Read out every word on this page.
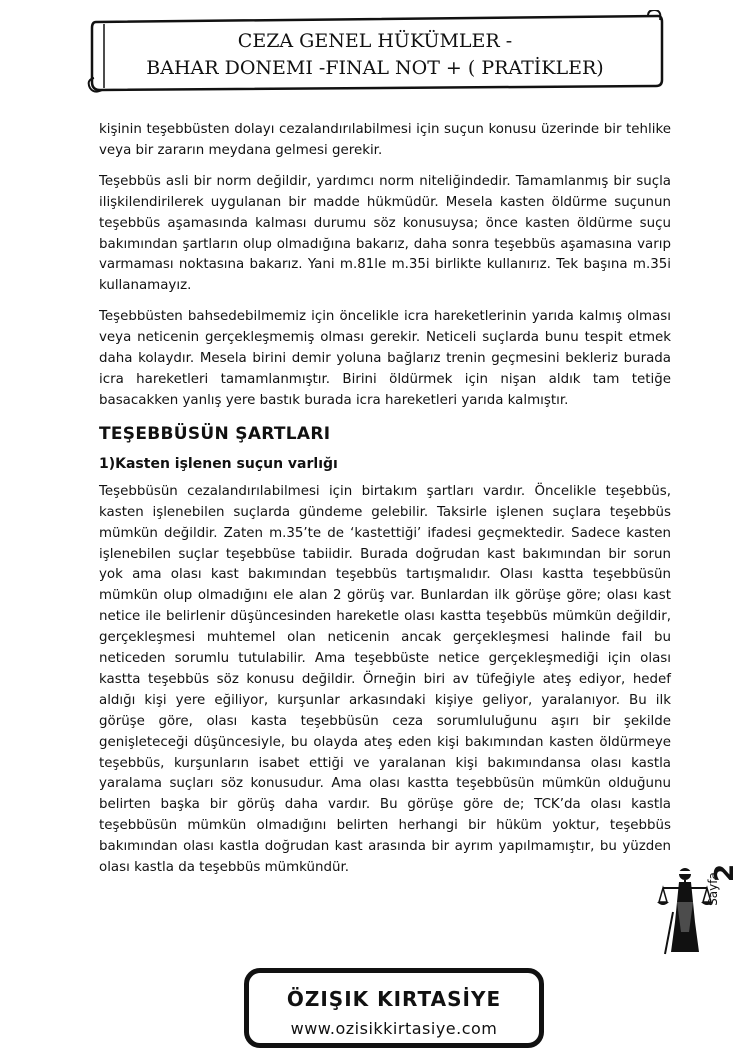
CEZA GENEL HÜKÜMLER -
BAHAR DONEMI -FINAL NOT + ( PRATİKLER)

kişinin teşebbüsten dolayı cezalandırılabilmesi için suçun konusu üzerinde bir tehlike veya bir zararın meydana gelmesi gerekir.

Teşebbüs asli bir norm değildir, yardımcı norm niteliğindedir. Tamamlanmış bir suçla ilişkilendirilerek uygulanan bir madde hükmüdür. Mesela kasten öldürme suçunun teşebbüs aşamasında kalması durumu söz konusuysa; önce kasten öldürme suçu bakımından şartların olup olmadığına bakarız, daha sonra teşebbüs aşamasına varıp varmaması noktasına bakarız. Yani m.81le m.35i birlikte kullanırız. Tek başına m.35i kullanamayız.

Teşebbüsten bahsedebilmemiz için öncelikle icra hareketlerinin yarıda kalmış olması veya neticenin gerçekleşmemiş olması gerekir. Neticeli suçlarda bunu tespit etmek daha kolaydır. Mesela birini demir yoluna bağlarız trenin geçmesini bekleriz burada icra hareketleri tamamlanmıştır. Birini öldürmek için nişan aldık tam tetiğe basacakken yanlış yere bastık burada icra hareketleri yarıda kalmıştır.

TEŞEBBÜSÜN ŞARTLARI
1)Kasten işlenen suçun varlığı

Teşebbüsün cezalandırılabilmesi için birtakım şartları vardır. Öncelikle teşebbüs, kasten işlenebilen suçlarda gündeme gelebilir. Taksirle işlenen suçlara teşebbüs mümkün değildir. Zaten m.35’te de ‘kastettiği’ ifadesi geçmektedir. Sadece kasten işlenebilen suçlar teşebbüse tabiidir. Burada doğrudan kast bakımından bir sorun yok ama olası kast bakımından teşebbüs tartışmalıdır. Olası kastta teşebbüsün mümkün olup olmadığını ele alan 2 görüş var. Bunlardan ilk görüşe göre; olası kast netice ile belirlenir düşüncesinden hareketle olası kastta teşebbüs mümkün değildir, gerçekleşmesi muhtemel olan neticenin ancak gerçekleşmesi halinde fail bu neticeden sorumlu tutulabilir. Ama teşebbüste netice gerçekleşmediği için olası kastta teşebbüs söz konusu değildir. Örneğin biri av tüfeğiyle ateş ediyor, hedef aldığı kişi yere eğiliyor, kurşunlar arkasındaki kişiye geliyor, yaralanıyor. Bu ilk görüşe göre, olası kasta teşebbüsün ceza sorumluluğunu aşırı bir şekilde genişleteceği düşüncesiyle, bu olayda ateş eden kişi bakımından kasten öldürmeye teşebbüs, kurşunların isabet ettiği ve yaralanan kişi bakımındansa olası kastla yaralama suçları söz konusudur. Ama olası kastta teşebbüsün mümkün olduğunu belirten başka bir görüş daha vardır. Bu görüşe göre de; TCK’da olası kastla teşebbüsün mümkün olmadığını belirten herhangi bir hüküm yoktur, teşebbüs bakımından olası kastla doğrudan kast arasında bir ayrım yapılmamıştır, bu yüzden olası kastla da teşebbüs mümkündür.	2
Sayfa
ÖZIŞIK KIRTASİYE
www.ozisikkirtasiye.com
